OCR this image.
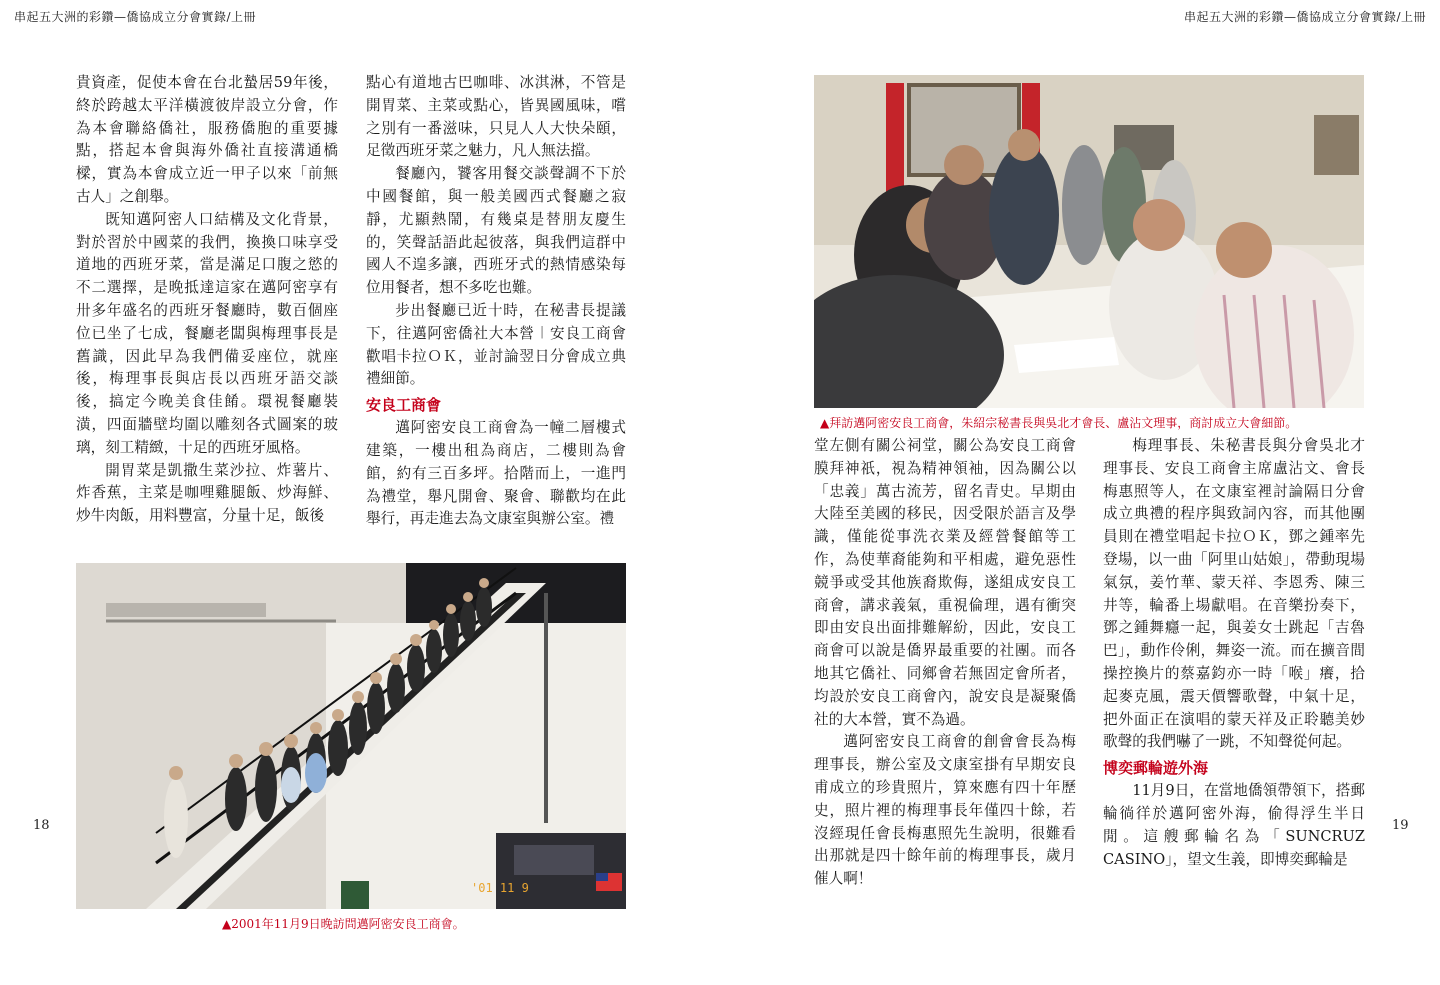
串起五大洲的彩鑽—僑協成立分會實錄/上冊	串起五大洲的彩鑽—僑協成立分會實錄/上冊
18	19

貴資產，促使本會在台北蟄居59年後，終於跨越太平洋橫渡彼岸設立分會，作為本會聯絡僑社，服務僑胞的重要據點，搭起本會與海外僑社直接溝通橋樑，實為本會成立近一甲子以來「前無古人」之創舉。

既知邁阿密人口結構及文化背景，對於習於中國菜的我們，換換口味享受道地的西班牙菜，當是滿足口腹之慾的不二選擇，是晚抵達這家在邁阿密享有卅多年盛名的西班牙餐廳時，數百個座位已坐了七成，餐廳老闆與梅理事長是舊識，因此早為我們備妥座位，就座後，梅理事長與店長以西班牙語交談後，搞定今晚美食佳餚。環視餐廳裝潢，四面牆壁均圍以雕刻各式圖案的玻璃，刻工精緻，十足的西班牙風格。

開胃菜是凱撒生菜沙拉、炸薯片、炸香蕉，主菜是咖哩雞腿飯、炒海鮮、炒牛肉飯，用料豐富，分量十足，飯後

點心有道地古巴咖啡、冰淇淋，不管是開胃菜、主菜或點心，皆異國風味，嚐之別有一番滋味，只見人人大快朵頤，足徵西班牙菜之魅力，凡人無法擋。

餐廳內，饕客用餐交談聲調不下於中國餐館，與一般美國西式餐廳之寂靜，尤顯熱鬧，有幾桌是替朋友慶生的，笑聲話語此起彼落，與我們這群中國人不遑多讓，西班牙式的熱情感染每位用餐者，想不多吃也難。

步出餐廳已近十時，在秘書長提議下，往邁阿密僑社大本營︱安良工商會歡唱卡拉ＯＫ，並討論翌日分會成立典禮細節。

安良工商會

邁阿密安良工商會為一幢二層樓式建築，一樓出租為商店，二樓則為會館，約有三百多坪。拾階而上，一進門為禮堂，舉凡開會、聚會、聯歡均在此舉行，再走進去為文康室與辦公室。禮

'01 11 9
▲2001年11月9日晚訪問邁阿密安良工商會。
▲拜訪邁阿密安良工商會，朱紹宗秘書長與吳北才會長、盧沾文理事，商討成立大會細節。

堂左側有關公祠堂，關公為安良工商會膜拜神祇，視為精神領袖，因為關公以「忠義」萬古流芳，留名青史。早期由大陸至美國的移民，因受限於語言及學識，僅能從事洗衣業及經營餐館等工作，為使華裔能夠和平相處，避免惡性競爭或受其他族裔欺侮，遂組成安良工商會，講求義氣，重視倫理，遇有衝突即由安良出面排難解紛，因此，安良工商會可以說是僑界最重要的社團。而各地其它僑社、同鄉會若無固定會所者，均設於安良工商會內，說安良是凝聚僑社的大本營，實不為過。

邁阿密安良工商會的創會會長為梅理事長，辦公室及文康室掛有早期安良甫成立的珍貴照片，算來應有四十年歷史，照片裡的梅理事長年僅四十餘，若沒經現任會長梅惠照先生說明，很難看出那就是四十餘年前的梅理事長，歲月催人啊！

梅理事長、朱秘書長與分會吳北才理事長、安良工商會主席盧沾文、會長梅惠照等人，在文康室裡討論隔日分會成立典禮的程序與致詞內容，而其他團員則在禮堂唱起卡拉ＯＫ，鄧之鍾率先登場，以一曲「阿里山姑娘」，帶動現場氣氛，姜竹華、蒙天祥、李恩秀、陳三井等，輪番上場獻唱。在音樂扮奏下，鄧之鍾舞癮一起，與姜女士跳起「吉魯巴」，動作伶俐，舞姿一流。而在擴音間操控換片的蔡嘉鈞亦一時「喉」癢，拾起麥克風，震天價響歌聲，中氣十足，把外面正在演唱的蒙天祥及正聆聽美妙歌聲的我們嚇了一跳，不知聲從何起。

博奕郵輪遊外海

11月9日，在當地僑領帶領下，搭郵輪徜徉於邁阿密外海，偷得浮生半日閒。這艘郵輪名為「SUNCRUZ CASINO」，望文生義，即博奕郵輪是
